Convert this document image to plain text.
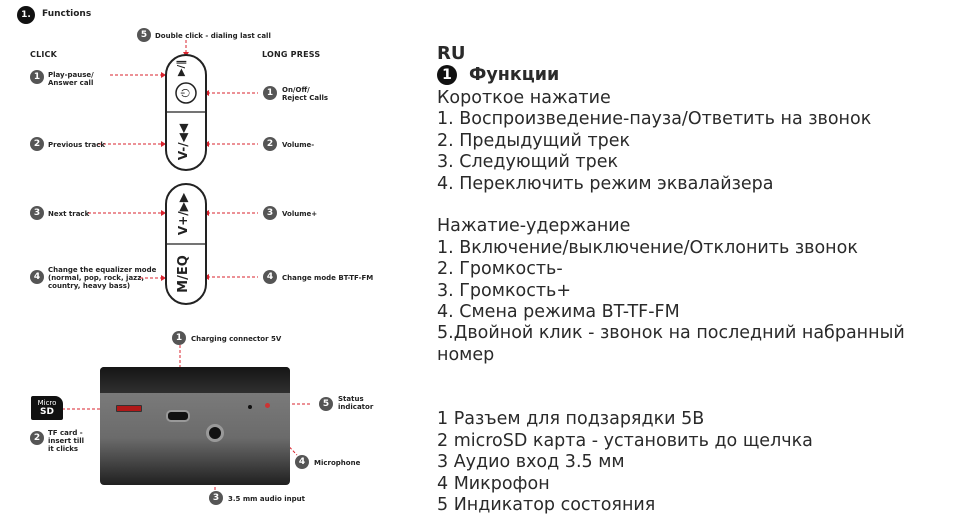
1.	Functions
CLICK	LONG PRESS
5	Double click - dialing last call
▶/‖
⏻
V-/◀◀
V+/▶▶
M/EQ
1	Play-pause/
Answer call
2	Previous track
3	Next track
4
Change the equalizer mode
(normal, pop, rock, jazz,
country, heavy bass)
1	On/Off/
Reject Calls
2	Volume-
3	Volume+
4	Change mode BT-TF-FM
Micro
SD
1	Charging connector 5V
2	TF card -
insert till
it clicks
3	3.5 mm audio input
4	Microphone
5	Status
indicator
RU
1 Функции
Короткое нажатие
1. Воспроизведение-пауза/Ответить на звонок
2. Предыдущий трек
3. Следующий трек
4. Переключить режим эквалайзера
Нажатие-удержание
1. Включение/выключение/Отклонить звонок
2. Громкость-
3. Громкость+
4. Смена режима BT-TF-FM
5.Двойной клик - звонок на последний набранный
номер
1 Разъем для подзарядки 5В
2 microSD карта - установить до щелчка
3 Аудио вход 3.5 мм
4 Микрофон
5 Индикатор состояния
